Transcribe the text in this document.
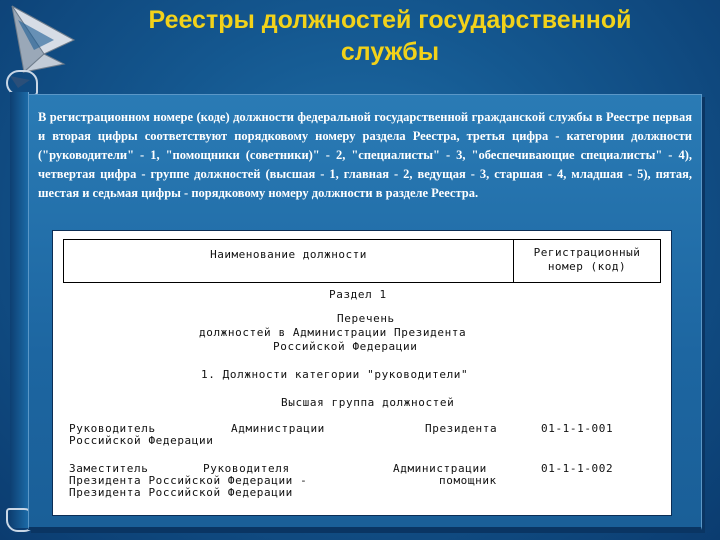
Реестры должностей государственной
службы
В регистрационном номере (коде) должности федеральной государственной гражданской службы в Реестре первая и вторая цифры соответствуют порядковому номеру раздела Реестра, третья цифра - категории должности ("руководители" - 1, "помощники (советники)" - 2, "специалисты" - 3, "обеспечивающие специалисты" - 4), четвертая цифра - группе должностей (высшая - 1, главная - 2, ведущая - 3, старшая - 4, младшая - 5), пятая, шестая и седьмая цифры - порядковому номеру должности в разделе Реестра.
Наименование должности	Регистрационный
номер (код)
Раздел 1
Перечень
должностей в Администрации Президента
Российской Федерации
1. Должности категории "руководители"
Высшая группа должностей
Руководитель	Администрации	Президента	01-1-1-001
Российской Федерации
Заместитель	Руководителя	Администрации	01-1-1-002
Президента Российской Федерации -	помощник
Президента Российской Федерации
